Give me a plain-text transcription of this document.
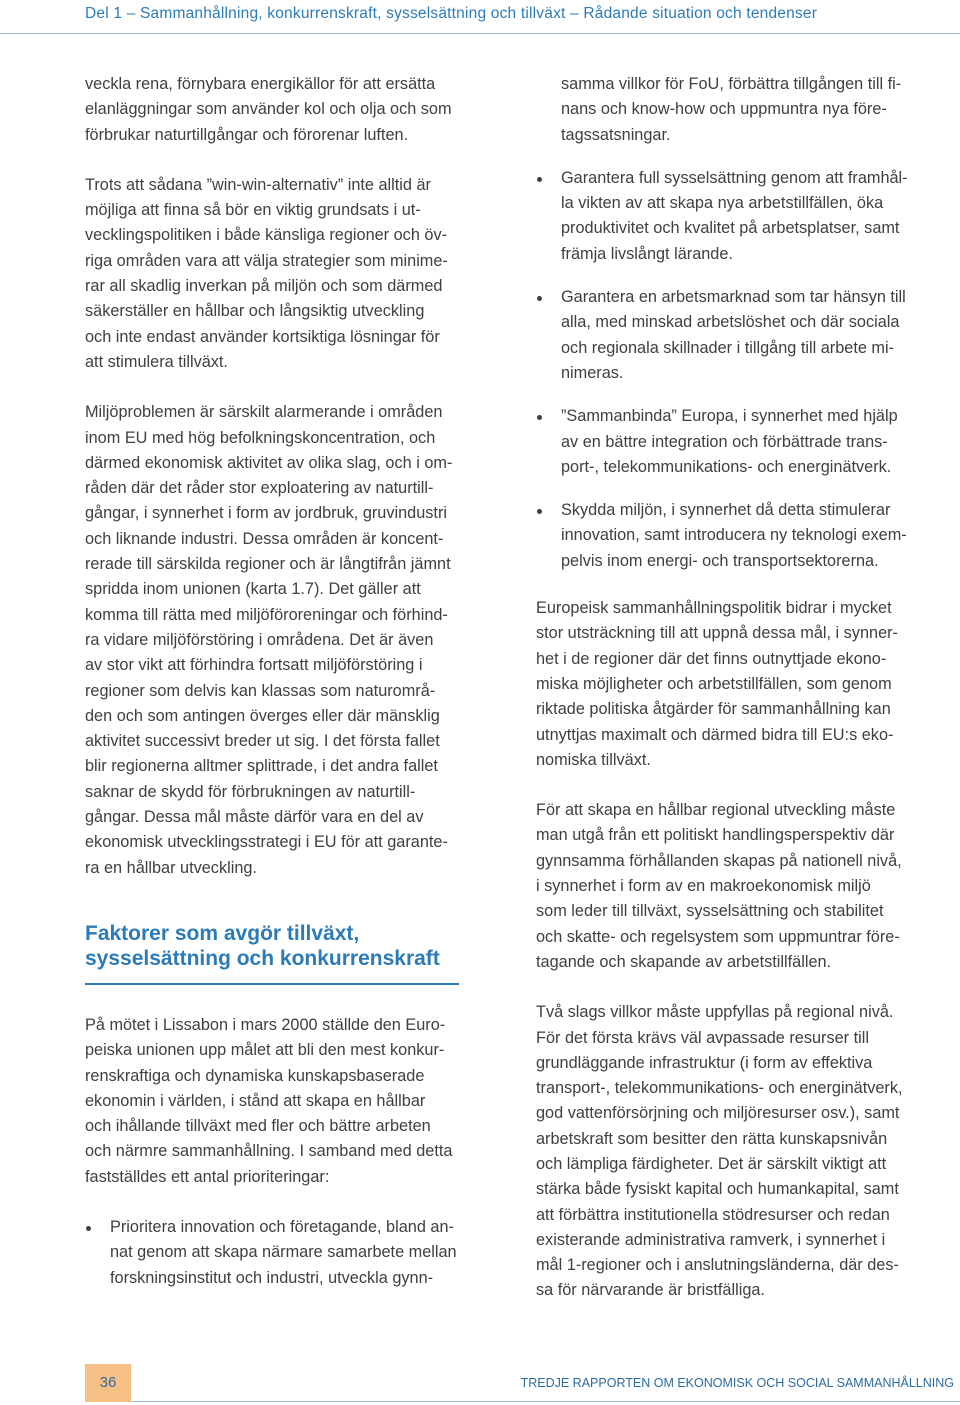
Del 1 – Sammanhållning, konkurrenskraft, sysselsättning och tillväxt – Rådande situation och tendenser

veckla rena, förnybara energikällor för att ersätta
elanläggningar som använder kol och olja och som
förbrukar naturtillgångar och förorenar luften.

Trots att sådana ”win-win-alternativ” inte alltid är
möjliga att finna så bör en viktig grundsats i ut-
vecklingspolitiken i både känsliga regioner och öv-
riga områden vara att välja strategier som minime-
rar all skadlig inverkan på miljön och som därmed
säkerställer en hållbar och långsiktig utveckling
och inte endast använder kortsiktiga lösningar för
att stimulera tillväxt.

Miljöproblemen är särskilt alarmerande i områden
inom EU med hög befolkningskoncentration, och
därmed ekonomisk aktivitet av olika slag, och i om-
råden där det råder stor exploatering av naturtill-
gångar, i synnerhet i form av jordbruk, gruvindustri
och liknande industri. Dessa områden är koncent-
rerade till särskilda regioner och är långtifrån jämnt
spridda inom unionen (karta 1.7). Det gäller att
komma till rätta med miljöföroreningar och förhind-
ra vidare miljöförstöring i områdena. Det är även
av stor vikt att förhindra fortsatt miljöförstöring i
regioner som delvis kan klassas som naturområ-
den och som antingen överges eller där mänsklig
aktivitet successivt breder ut sig. I det första fallet
blir regionerna alltmer splittrade, i det andra fallet
saknar de skydd för förbrukningen av naturtill-
gångar. Dessa mål måste därför vara en del av
ekonomisk utvecklingsstrategi i EU för att garante-
ra en hållbar utveckling.

Faktorer som avgör tillväxt,
sysselsättning och konkurrenskraft

På mötet i Lissabon i mars 2000 ställde den Euro-
peiska unionen upp målet att bli den mest konkur-
renskraftiga och dynamiska kunskapsbaserade
ekonomin i världen, i stånd att skapa en hållbar
och ihållande tillväxt med fler och bättre arbeten
och närmre sammanhållning. I samband med detta
fastställdes ett antal prioriteringar:

Prioritera innovation och företagande, bland an-
nat genom att skapa närmare samarbete mellan
forskningsinstitut och industri, utveckla gynn-
samma villkor för FoU, förbättra tillgången till fi-
nans och know-how och uppmuntra nya före-
tagssatsningar.
Garantera full sysselsättning genom att framhål-
la vikten av att skapa nya arbetstillfällen, öka
produktivitet och kvalitet på arbetsplatser, samt
främja livslångt lärande.
Garantera en arbetsmarknad som tar hänsyn till
alla, med minskad arbetslöshet och där sociala
och regionala skillnader i tillgång till arbete mi-
nimeras.
”Sammanbinda” Europa, i synnerhet med hjälp
av en bättre integration och förbättrade trans-
port-, telekommunikations- och energinätverk.
Skydda miljön, i synnerhet då detta stimulerar
innovation, samt introducera ny teknologi exem-
pelvis inom energi- och transportsektorerna.

Europeisk sammanhållningspolitik bidrar i mycket
stor utsträckning till att uppnå dessa mål, i synner-
het i de regioner där det finns outnyttjade ekono-
miska möjligheter och arbetstillfällen, som genom
riktade politiska åtgärder för sammanhållning kan
utnyttjas maximalt och därmed bidra till EU:s eko-
nomiska tillväxt.

För att skapa en hållbar regional utveckling måste
man utgå från ett politiskt handlingsperspektiv där
gynnsamma förhållanden skapas på nationell nivå,
i synnerhet i form av en makroekonomisk miljö
som leder till tillväxt, sysselsättning och stabilitet
och skatte- och regelsystem som uppmuntrar före-
tagande och skapande av arbetstillfällen.

Två slags villkor måste uppfyllas på regional nivå.
För det första krävs väl avpassade resurser till
grundläggande infrastruktur (i form av effektiva
transport-, telekommunikations- och energinätverk,
god vattenförsörjning och miljöresurser osv.), samt
arbetskraft som besitter den rätta kunskapsnivån
och lämpliga färdigheter. Det är särskilt viktigt att
stärka både fysiskt kapital och humankapital, samt
att förbättra institutionella stödresurser och redan
existerande administrativa ramverk, i synnerhet i
mål 1-regioner och i anslutningsländerna, där des-
sa för närvarande är bristfälliga.

36	TREDJE RAPPORTEN OM EKONOMISK OCH SOCIAL SAMMANHÅLLNING
